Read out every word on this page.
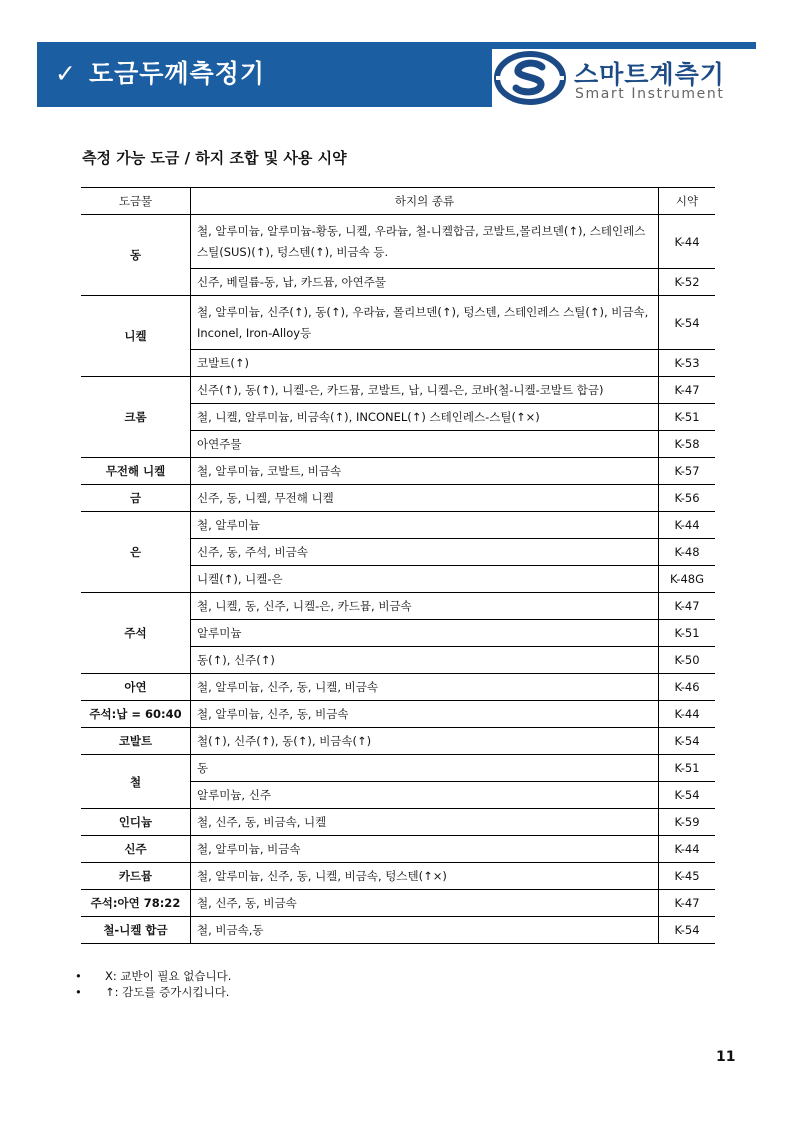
✓ 도금두께측정기	스마트계측기
Smart Instrument
측정 가능 도금 / 하지 조합 및 사용 시약
도금물	하지의 종류	시약
동	철, 알루미늄, 알루미늄-황동, 니켈, 우라늄, 철-니켈합금, 코발트,몰리브덴(↑), 스테인레스 스틸(SUS)(↑), 텅스텐(↑), 비금속 등.	K-44
	신주, 베릴륨-동, 납, 카드뮴, 아연주물	K-52
니켈	철, 알루미늄, 신주(↑), 동(↑), 우라늄, 몰리브덴(↑), 텅스텐, 스테인레스 스틸(↑), 비금속, Inconel, Iron-Alloy등	K-54
	코발트(↑)	K-53
크롬	신주(↑), 동(↑), 니켈-은, 카드뮴, 코발트, 납, 니켈-은, 코바(철-니켈-코발트 합금)	K-47
	철, 니켈, 알루미늄, 비금속(↑), INCONEL(↑) 스테인레스-스틸(↑×)	K-51
	아연주물	K-58
무전해 니켈	철, 알루미늄, 코발트, 비금속	K-57
금	신주, 동, 니켈, 무전해 니켈	K-56
은	철, 알루미늄	K-44
	신주, 동, 주석, 비금속	K-48
	니켈(↑), 니켈-은	K-48G
주석	철, 니켈, 동, 신주, 니켈-은, 카드뮴, 비금속	K-47
	알루미늄	K-51
	동(↑), 신주(↑)	K-50
아연	철, 알루미늄, 신주, 동, 니켈, 비금속	K-46
주석:납 = 60:40	철, 알루미늄, 신주, 동, 비금속	K-44
코발트	철(↑), 신주(↑), 동(↑), 비금속(↑)	K-54
철	동	K-51
	알루미늄, 신주	K-54
인디늄	철, 신주, 동, 비금속, 니켈	K-59
신주	철, 알루미늄, 비금속	K-44
카드뮴	철, 알루미늄, 신주, 동, 니켈, 비금속, 텅스텐(↑×)	K-45
주석:아연 78:22	철, 신주, 동, 비금속	K-47
철-니켈 합금	철, 비금속,동	K-54
•	X: 교반이 필요 없습니다.
•	↑: 감도를 증가시킵니다.
11
